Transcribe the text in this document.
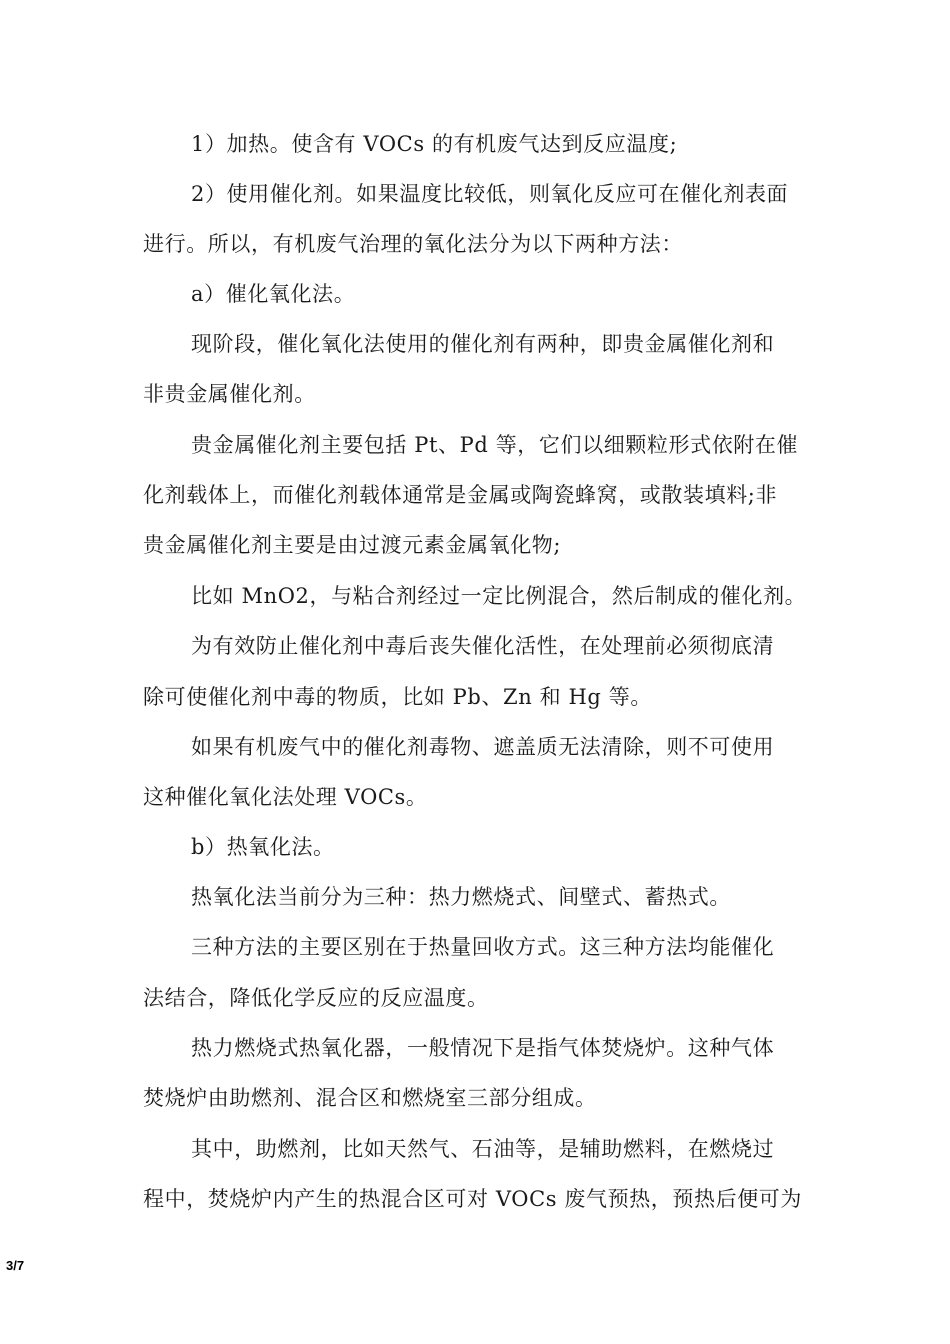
1）加热。使含有 VOCs 的有机废气达到反应温度;
2）使用催化剂。如果温度比较低，则氧化反应可在催化剂表面
进行。所以，有机废气治理的氧化法分为以下两种方法：
a）催化氧化法。
现阶段，催化氧化法使用的催化剂有两种，即贵金属催化剂和
非贵金属催化剂。
贵金属催化剂主要包括 Pt、Pd 等，它们以细颗粒形式依附在催
化剂载体上，而催化剂载体通常是金属或陶瓷蜂窝，或散装填料;非
贵金属催化剂主要是由过渡元素金属氧化物;
比如 MnO2，与粘合剂经过一定比例混合，然后制成的催化剂。
为有效防止催化剂中毒后丧失催化活性，在处理前必须彻底清
除可使催化剂中毒的物质，比如 Pb、Zn 和 Hg 等。
如果有机废气中的催化剂毒物、遮盖质无法清除，则不可使用
这种催化氧化法处理 VOCs。
b）热氧化法。
热氧化法当前分为三种：热力燃烧式、间壁式、蓄热式。
三种方法的主要区别在于热量回收方式。这三种方法均能催化
法结合，降低化学反应的反应温度。
热力燃烧式热氧化器，一般情况下是指气体焚烧炉。这种气体
焚烧炉由助燃剂、混合区和燃烧室三部分组成。
其中，助燃剂，比如天然气、石油等，是辅助燃料，在燃烧过
程中，焚烧炉内产生的热混合区可对 VOCs 废气预热，预热后便可为
3/7
